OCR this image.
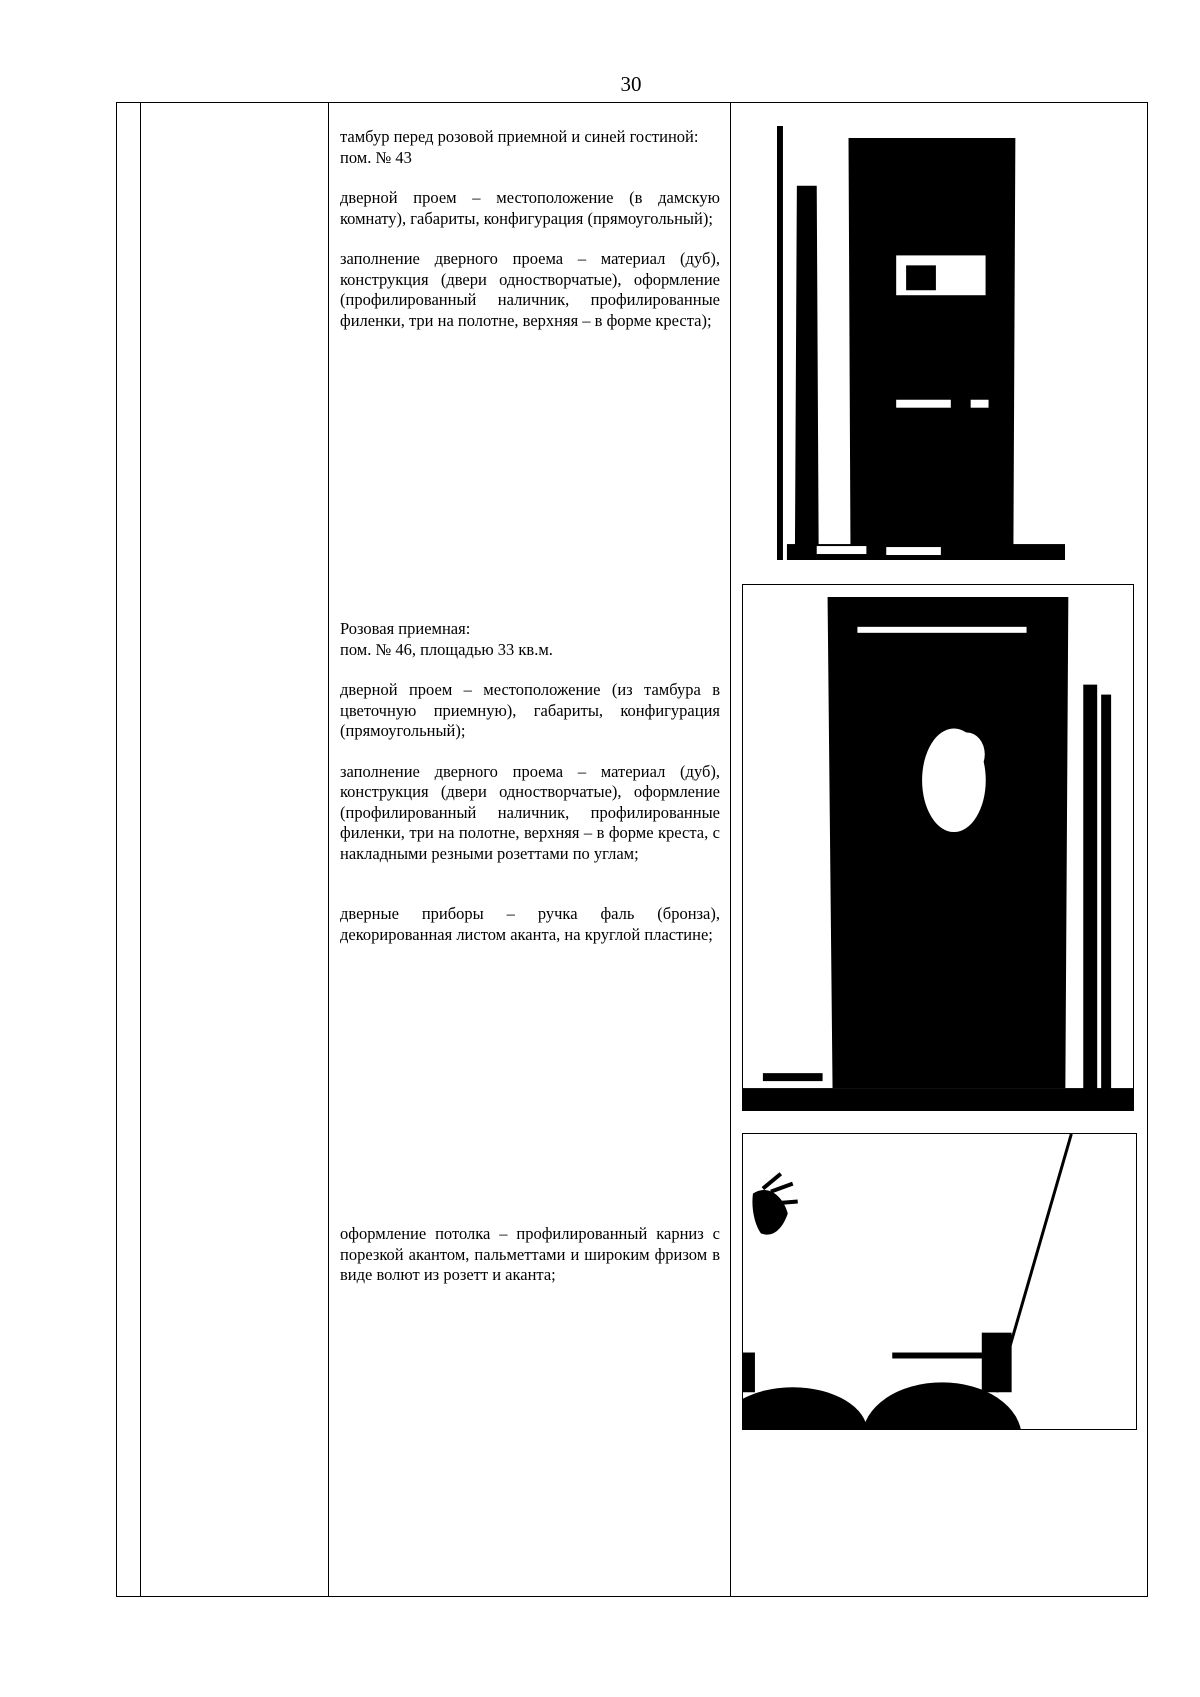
30

тамбур перед розовой приемной и синей гостиной:

пом. № 43

дверной проем – местоположение (в дамскую комнату), габариты, конфигурация (прямоугольный);

заполнение дверного проема – материал (дуб), конструкция (двери одностворчатые), оформление (профилированный наличник, профилированные филенки, три на полотне, верхняя – в форме креста);

Розовая приемная:

пом. № 46, площадью 33 кв.м.

дверной проем – местоположение (из тамбура в цветочную приемную), габариты, конфигурация (прямоугольный);

заполнение дверного проема – материал (дуб), конструкция (двери одностворчатые), оформление (профилированный наличник, профилированные филенки, три на полотне, верхняя – в форме креста, с накладными резными розеттами по углам;

дверные приборы – ручка фаль (бронза), декорированная листом аканта, на круглой пластине;

оформление потолка – профилированный карниз с порезкой акантом, пальметтами и широким фризом в виде волют из розетт и аканта;
